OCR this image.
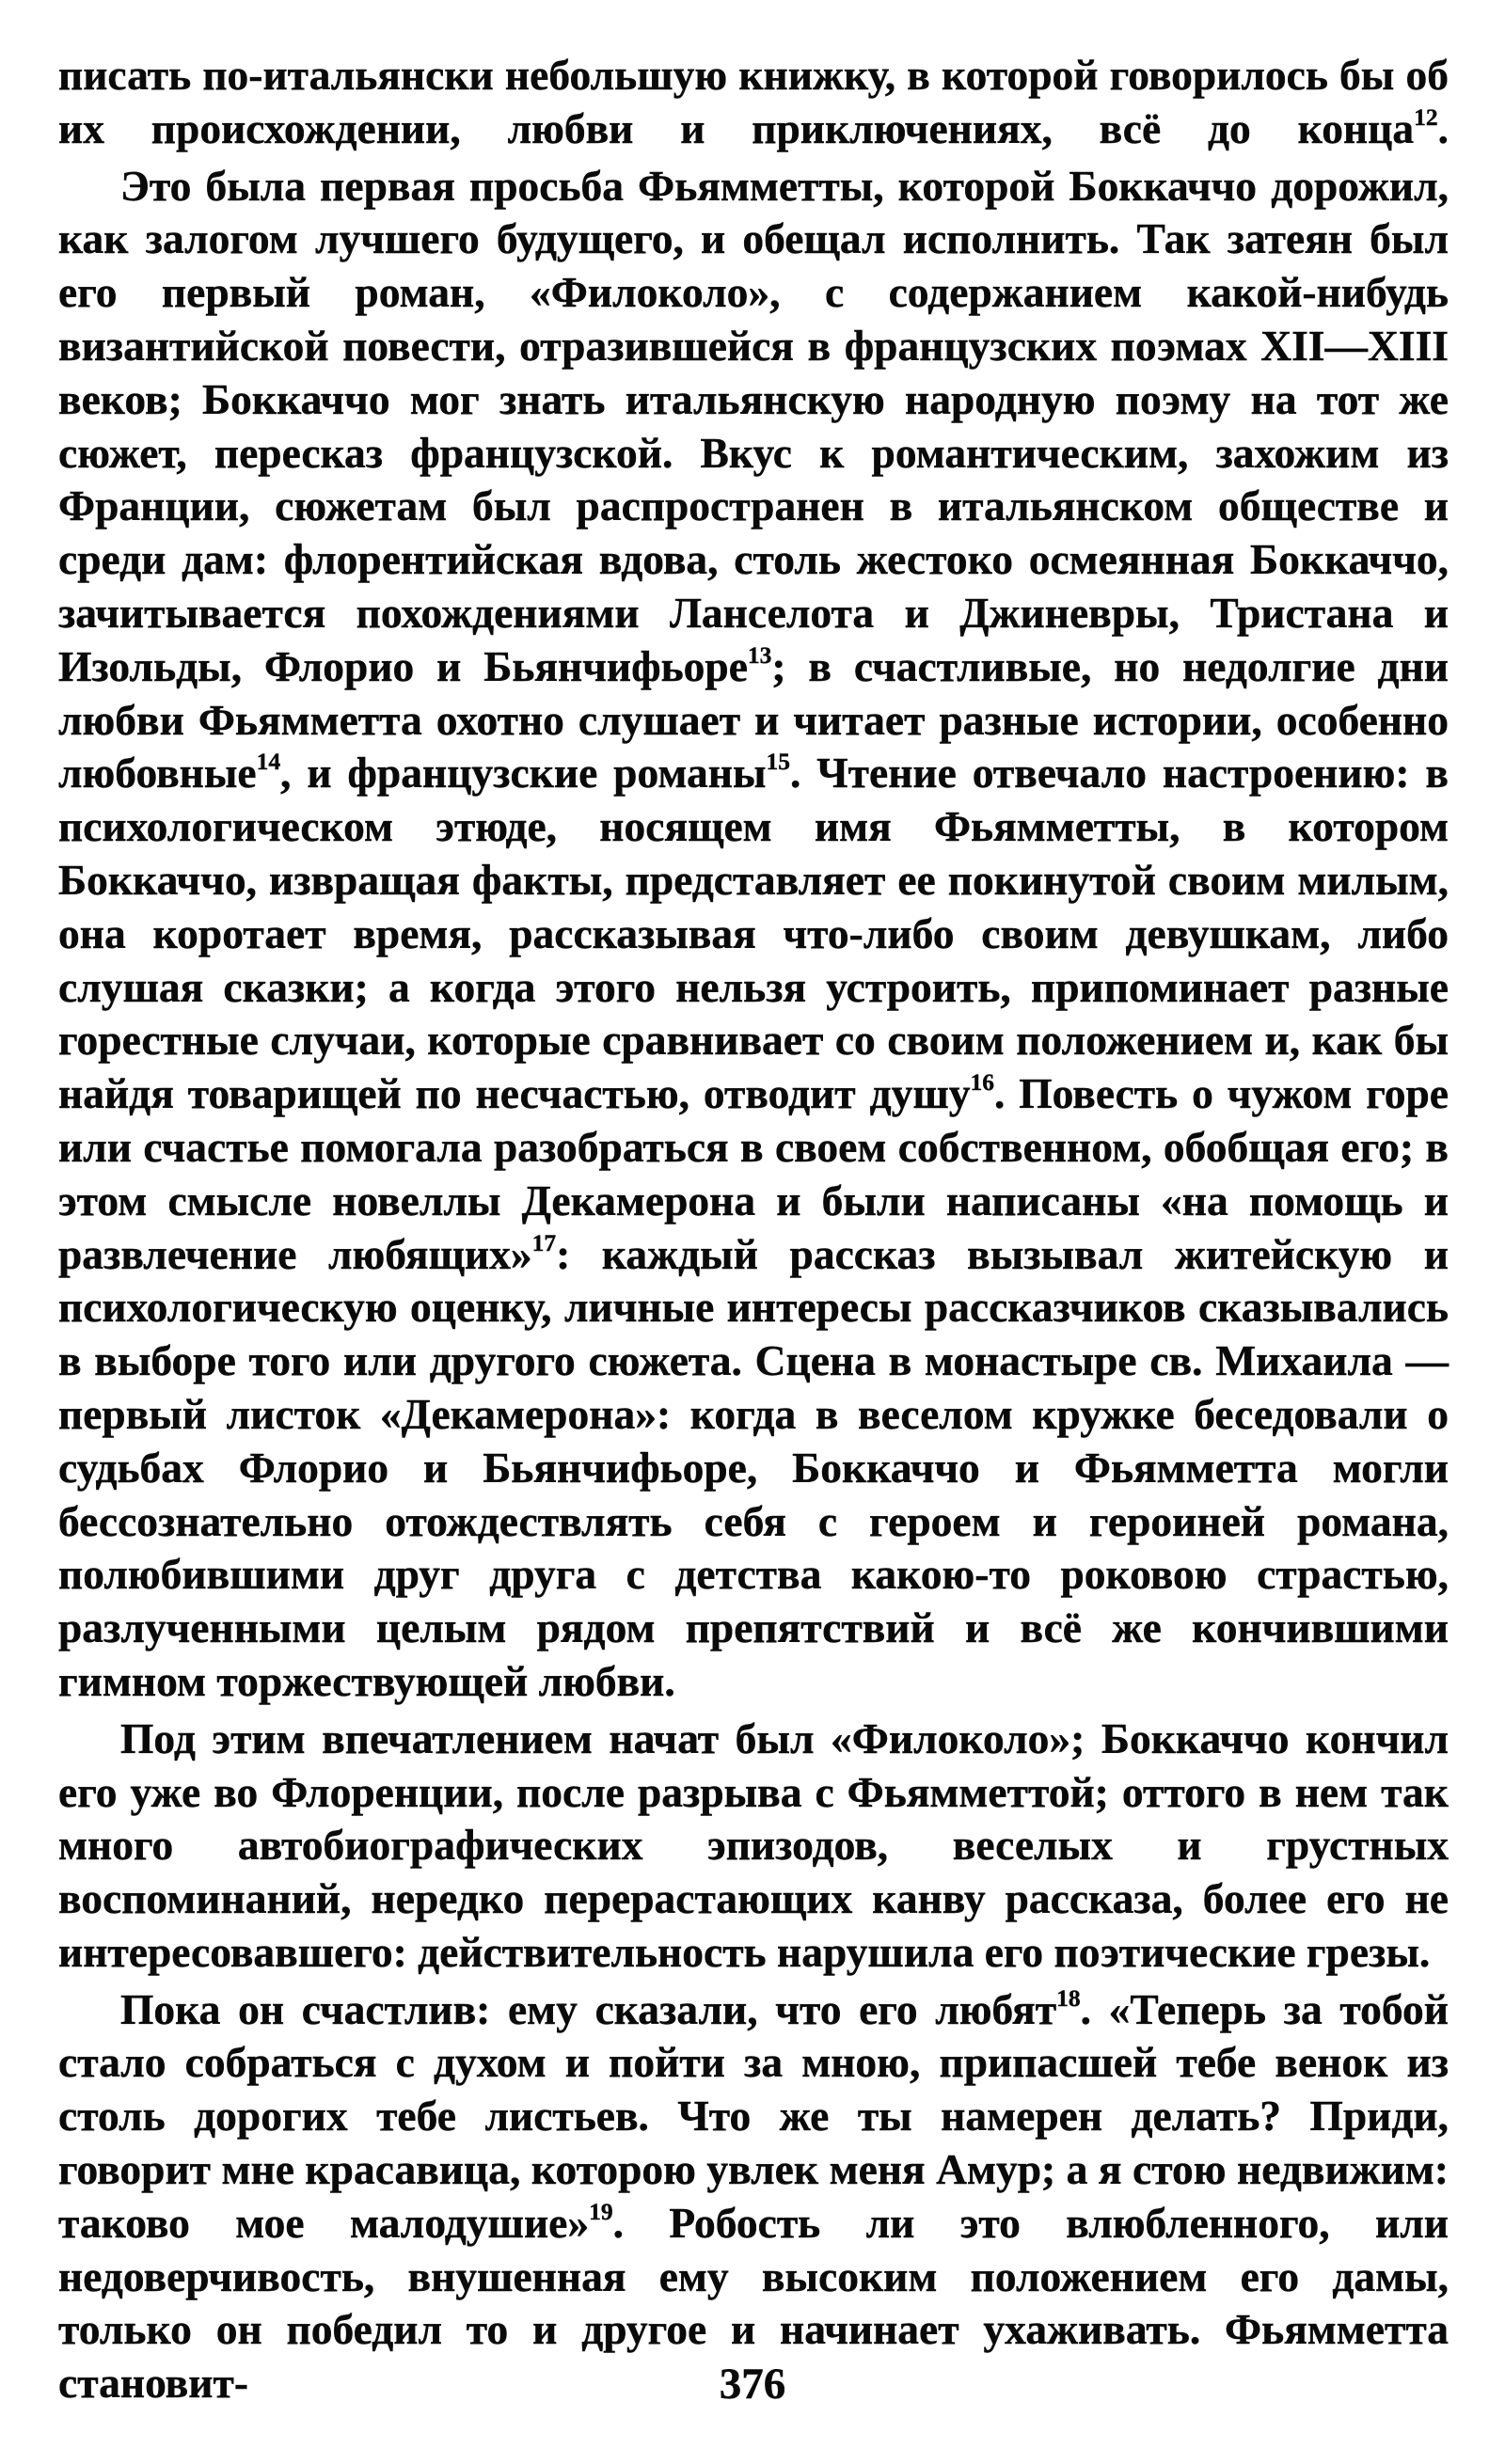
писать по-итальянски небольшую книжку, в которой говорилось бы об их происхождении, любви и приключениях, всё до конца$^{12}$.

Это была первая просьба Фьямметты, которой Боккаччо дорожил, как залогом лучшего будущего, и обещал исполнить. Так затеян был его первый роман, «Филоколо», с содержанием какой-нибудь византийской повести, отразившейся в французских поэмах XII—XIII веков; Боккаччо мог знать итальянскую народную поэму на тот же сюжет, пересказ французской. Вкус к романтическим, захожим из Франции, сюжетам был распространен в итальянском обществе и среди дам: флорентийская вдова, столь жестоко осмеянная Боккаччо, зачитывается похождениями Ланселота и Джиневры, Тристана и Изольды, Флорио и Бьянчифьоре$^{13}$; в счастливые, но недолгие дни любви Фьямметта охотно слушает и читает разные истории, особенно любовные$^{14}$, и французские романы$^{15}$. Чтение отвечало настроению: в психологическом этюде, носящем имя Фьямметты, в котором Боккаччо, извращая факты, представляет ее покинутой своим милым, она коротает время, рассказывая что-либо своим девушкам, либо слушая сказки; а когда этого нельзя устроить, припоминает разные горестные случаи, которые сравнивает со своим положением и, как бы найдя товарищей по несчастью, отводит душу$^{16}$. Повесть о чужом горе или счастье помогала разобраться в своем собственном, обобщая его; в этом смысле новеллы Декамерона и были написаны «на помощь и развлечение любящих»$^{17}$: каждый рассказ вызывал житейскую и психологическую оценку, личные интересы рассказчиков сказывались в выборе того или другого сюжета. Сцена в монастыре св. Михаила — первый листок «Декамерона»: когда в веселом кружке беседовали о судьбах Флорио и Бьянчифьоре, Боккаччо и Фьямметта могли бессознательно отождествлять себя с героем и героиней романа, полюбившими друг друга с детства какою-то роковою страстью, разлученными целым рядом препятствий и всё же кончившими гимном торжествующей любви.

Под этим впечатлением начат был «Филоколо»; Боккаччо кончил его уже во Флоренции, после разрыва с Фьямметтой; оттого в нем так много автобиографических эпизодов, веселых и грустных воспоминаний, нередко перерастающих канву рассказа, более его не интересовавшего: действительность нарушила его поэтические грезы.

Пока он счастлив: ему сказали, что его любят$^{18}$. «Теперь за тобой стало собраться с духом и пойти за мною, припасшей тебе венок из столь дорогих тебе листьев. Что же ты намерен делать? Приди, говорит мне красавица, которою увлек меня Амур; а я стою недвижим: таково мое малодушие»$^{19}$. Робость ли это влюбленного, или недоверчивость, внушенная ему высоким положением его дамы, только он победил то и другое и начинает ухаживать. Фьямметта становит-	376
